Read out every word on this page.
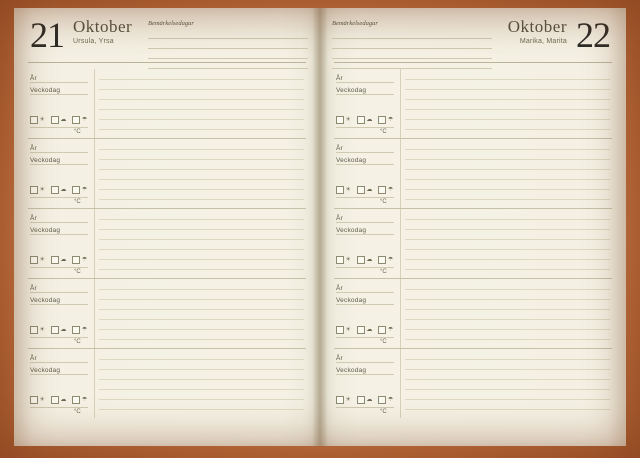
21 Oktober
Ursula, Yrsa
Bemärkelsedagar
År
Veckodag
☀	☁	☂
°C
År
Veckodag
☀	☁	☂
°C
År
Veckodag
☀	☁	☂
°C
År
Veckodag
☀	☁	☂
°C
År
Veckodag
☀	☁	☂
°C
Oktober
Marika, Marita 22
Bemärkelsedagar
År
Veckodag
☀	☁	☂
°C
År
Veckodag
☀	☁	☂
°C
År
Veckodag
☀	☁	☂
°C
År
Veckodag
☀	☁	☂
°C
År
Veckodag
☀	☁	☂
°C
